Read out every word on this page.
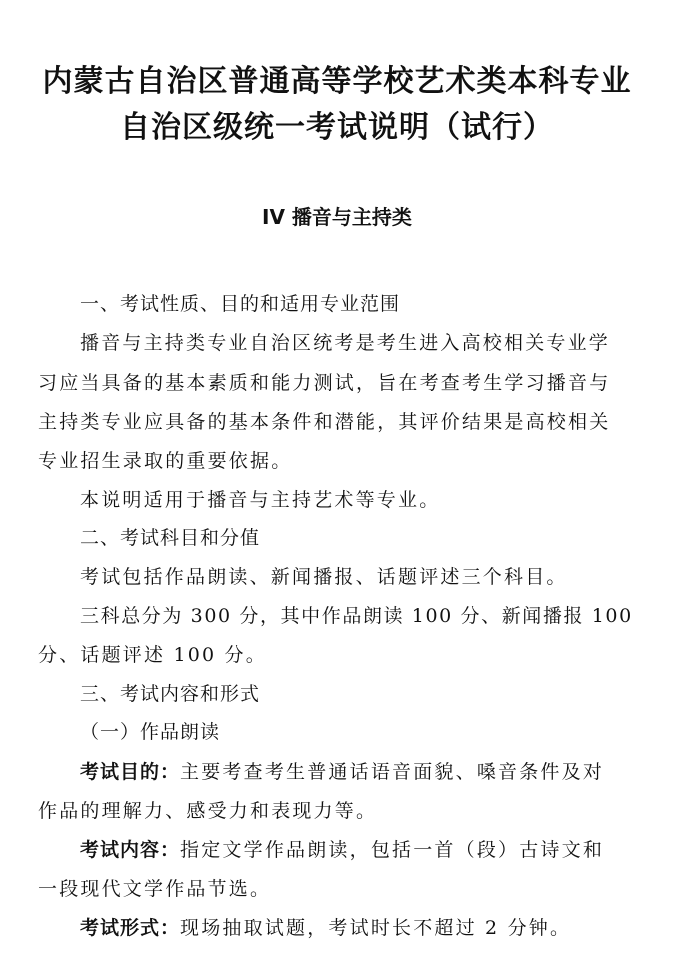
内蒙古自治区普通高等学校艺术类本科专业
自治区级统一考试说明（试行）
IV 播音与主持类
一、考试性质、目的和适用专业范围
播音与主持类专业自治区统考是考生进入高校相关专业学
习应当具备的基本素质和能力测试，旨在考查考生学习播音与
主持类专业应具备的基本条件和潜能，其评价结果是高校相关
专业招生录取的重要依据。
本说明适用于播音与主持艺术等专业。
二、考试科目和分值
考试包括作品朗读、新闻播报、话题评述三个科目。
三科总分为 300 分，其中作品朗读 100 分、新闻播报 100
分、话题评述 100 分。
三、考试内容和形式
（一）作品朗读
考试目的：主要考查考生普通话语音面貌、嗓音条件及对
作品的理解力、感受力和表现力等。
考试内容：指定文学作品朗读，包括一首（段）古诗文和
一段现代文学作品节选。
考试形式：现场抽取试题，考试时长不超过 2 分钟。
